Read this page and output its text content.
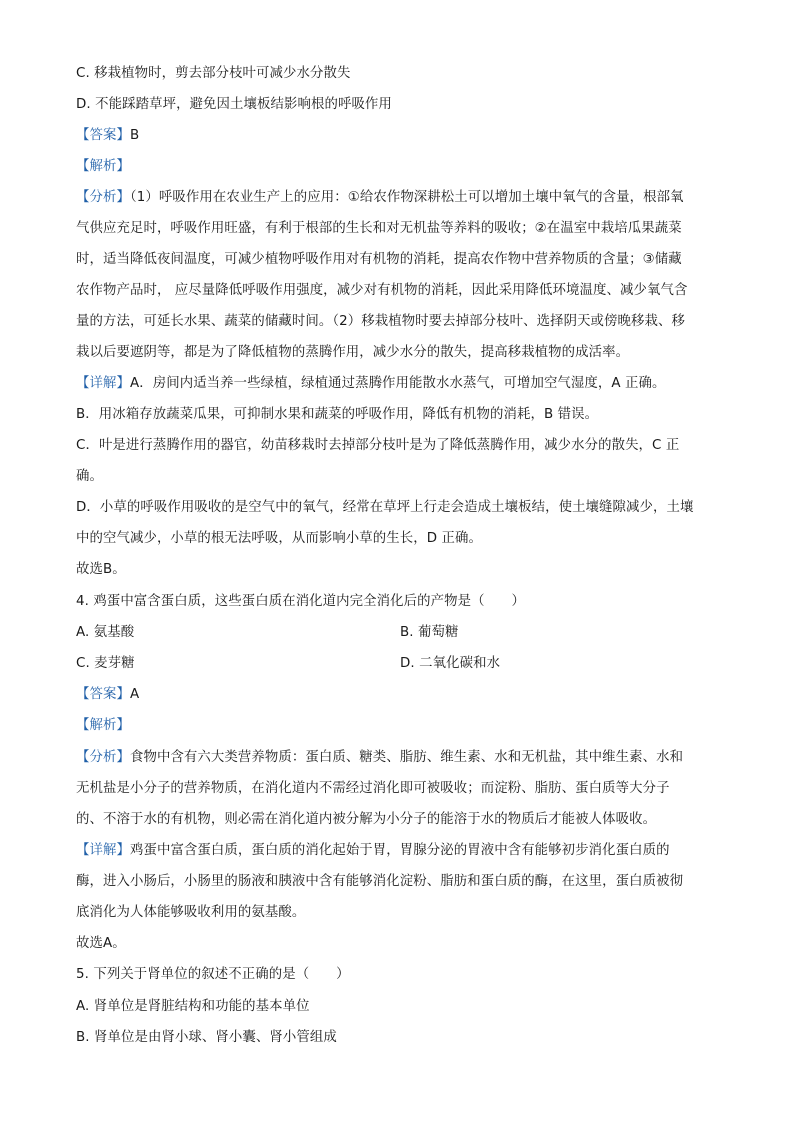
C. 移栽植物时，剪去部分枝叶可减少水分散失
D. 不能踩踏草坪，避免因土壤板结影响根的呼吸作用
【答案】B
【解析】
【分析】（1）呼吸作用在农业生产上的应用：①给农作物深耕松土可以增加土壤中氧气的含量，根部氧
气供应充足时，呼吸作用旺盛，有利于根部的生长和对无机盐等养料的吸收；②在温室中栽培瓜果蔬菜
时，适当降低夜间温度，可减少植物呼吸作用对有机物的消耗，提高农作物中营养物质的含量；③储藏
农作物产品时， 应尽量降低呼吸作用强度，减少对有机物的消耗，因此采用降低环境温度、减少氧气含
量的方法，可延长水果、蔬菜的储藏时间。（2）移栽植物时要去掉部分枝叶、选择阴天或傍晚移栽、移
栽以后要遮阴等，都是为了降低植物的蒸腾作用，减少水分的散失，提高移栽植物的成活率。
【详解】A．房间内适当养一些绿植，绿植通过蒸腾作用能散水水蒸气，可增加空气湿度，A 正确。
B．用冰箱存放蔬菜瓜果，可抑制水果和蔬菜的呼吸作用，降低有机物的消耗，B 错误。
C．叶是进行蒸腾作用的器官，幼苗移栽时去掉部分枝叶是为了降低蒸腾作用，减少水分的散失，C 正
确。
D．小草的呼吸作用吸收的是空气中的氧气，经常在草坪上行走会造成土壤板结，使土壤缝隙减少，土壤
中的空气减少，小草的根无法呼吸，从而影响小草的生长，D 正确。
故选B。
4. 鸡蛋中富含蛋白质，这些蛋白质在消化道内完全消化后的产物是（　　）
A. 氨基酸	B. 葡萄糖
C. 麦芽糖	D. 二氧化碳和水
【答案】A
【解析】
【分析】食物中含有六大类营养物质：蛋白质、糖类、脂肪、维生素、水和无机盐，其中维生素、水和
无机盐是小分子的营养物质，在消化道内不需经过消化即可被吸收；而淀粉、脂肪、蛋白质等大分子
的、不溶于水的有机物，则必需在消化道内被分解为小分子的能溶于水的物质后才能被人体吸收。
【详解】鸡蛋中富含蛋白质，蛋白质的消化起始于胃，胃腺分泌的胃液中含有能够初步消化蛋白质的
酶，进入小肠后，小肠里的肠液和胰液中含有能够消化淀粉、脂肪和蛋白质的酶，在这里，蛋白质被彻
底消化为人体能够吸收利用的氨基酸。
故选A。
5. 下列关于肾单位的叙述不正确的是（　　）
A. 肾单位是肾脏结构和功能的基本单位
B. 肾单位是由肾小球、肾小囊、肾小管组成
